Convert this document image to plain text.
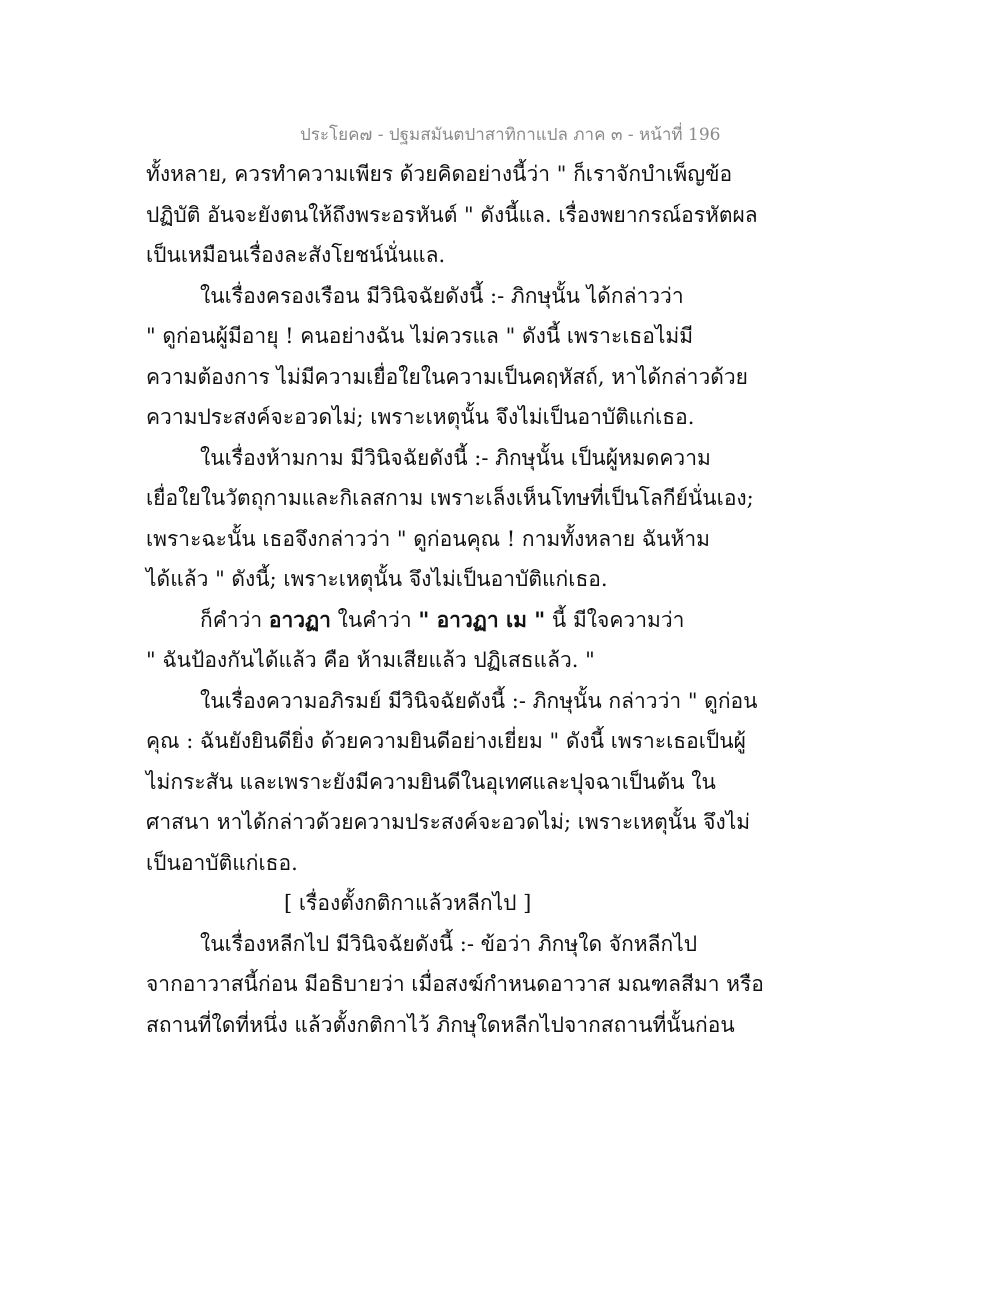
ประโยค๗ - ปฐมสมันตปาสาทิกาแปล ภาค ๓ - หน้าที่ 196
ทั้งหลาย, ควรทำความเพียร ด้วยคิดอย่างนี้ว่า " ก็เราจักบำเพ็ญข้อ
ปฏิบัติ อันจะยังตนให้ถึงพระอรหันต์ " ดังนี้แล. เรื่องพยากรณ์อรหัตผล
เป็นเหมือนเรื่องละสังโยชน์นั่นแล.
ในเรื่องครองเรือน มีวินิจฉัยดังนี้ :- ภิกษุนั้น ได้กล่าวว่า
" ดูก่อนผู้มีอายุ ! คนอย่างฉัน ไม่ควรแล " ดังนี้ เพราะเธอไม่มี
ความต้องการ ไม่มีความเยื่อใยในความเป็นคฤหัสถ์, หาได้กล่าวด้วย
ความประสงค์จะอวดไม่; เพราะเหตุนั้น จึงไม่เป็นอาบัติแก่เธอ.
ในเรื่องห้ามกาม มีวินิจฉัยดังนี้ :- ภิกษุนั้น เป็นผู้หมดความ
เยื่อใยในวัตถุกามและกิเลสกาม เพราะเล็งเห็นโทษที่เป็นโลกีย์นั่นเอง;
เพราะฉะนั้น เธอจึงกล่าวว่า " ดูก่อนคุณ ! กามทั้งหลาย ฉันห้าม
ได้แล้ว " ดังนี้; เพราะเหตุนั้น จึงไม่เป็นอาบัติแก่เธอ.
ก็คำว่า อาวฏา ในคำว่า " อาวฏา เม " นี้ มีใจความว่า
" ฉันป้องกันได้แล้ว คือ ห้ามเสียแล้ว ปฏิเสธแล้ว. "
ในเรื่องความอภิรมย์ มีวินิจฉัยดังนี้ :- ภิกษุนั้น กล่าวว่า " ดูก่อน
คุณ : ฉันยังยินดียิ่ง ด้วยความยินดีอย่างเยี่ยม " ดังนี้ เพราะเธอเป็นผู้
ไม่กระสัน และเพราะยังมีความยินดีในอุเทศและปุจฉาเป็นต้น ใน
ศาสนา หาได้กล่าวด้วยความประสงค์จะอวดไม่; เพราะเหตุนั้น จึงไม่
เป็นอาบัติแก่เธอ.
[ เรื่องตั้งกติกาแล้วหลีกไป ]
ในเรื่องหลีกไป มีวินิจฉัยดังนี้ :- ข้อว่า ภิกษุใด จักหลีกไป
จากอาวาสนี้ก่อน มีอธิบายว่า เมื่อสงฆ์กำหนดอาวาส มณฑลสีมา หรือ
สถานที่ใดที่หนึ่ง แล้วตั้งกติกาไว้ ภิกษุใดหลีกไปจากสถานที่นั้นก่อน
